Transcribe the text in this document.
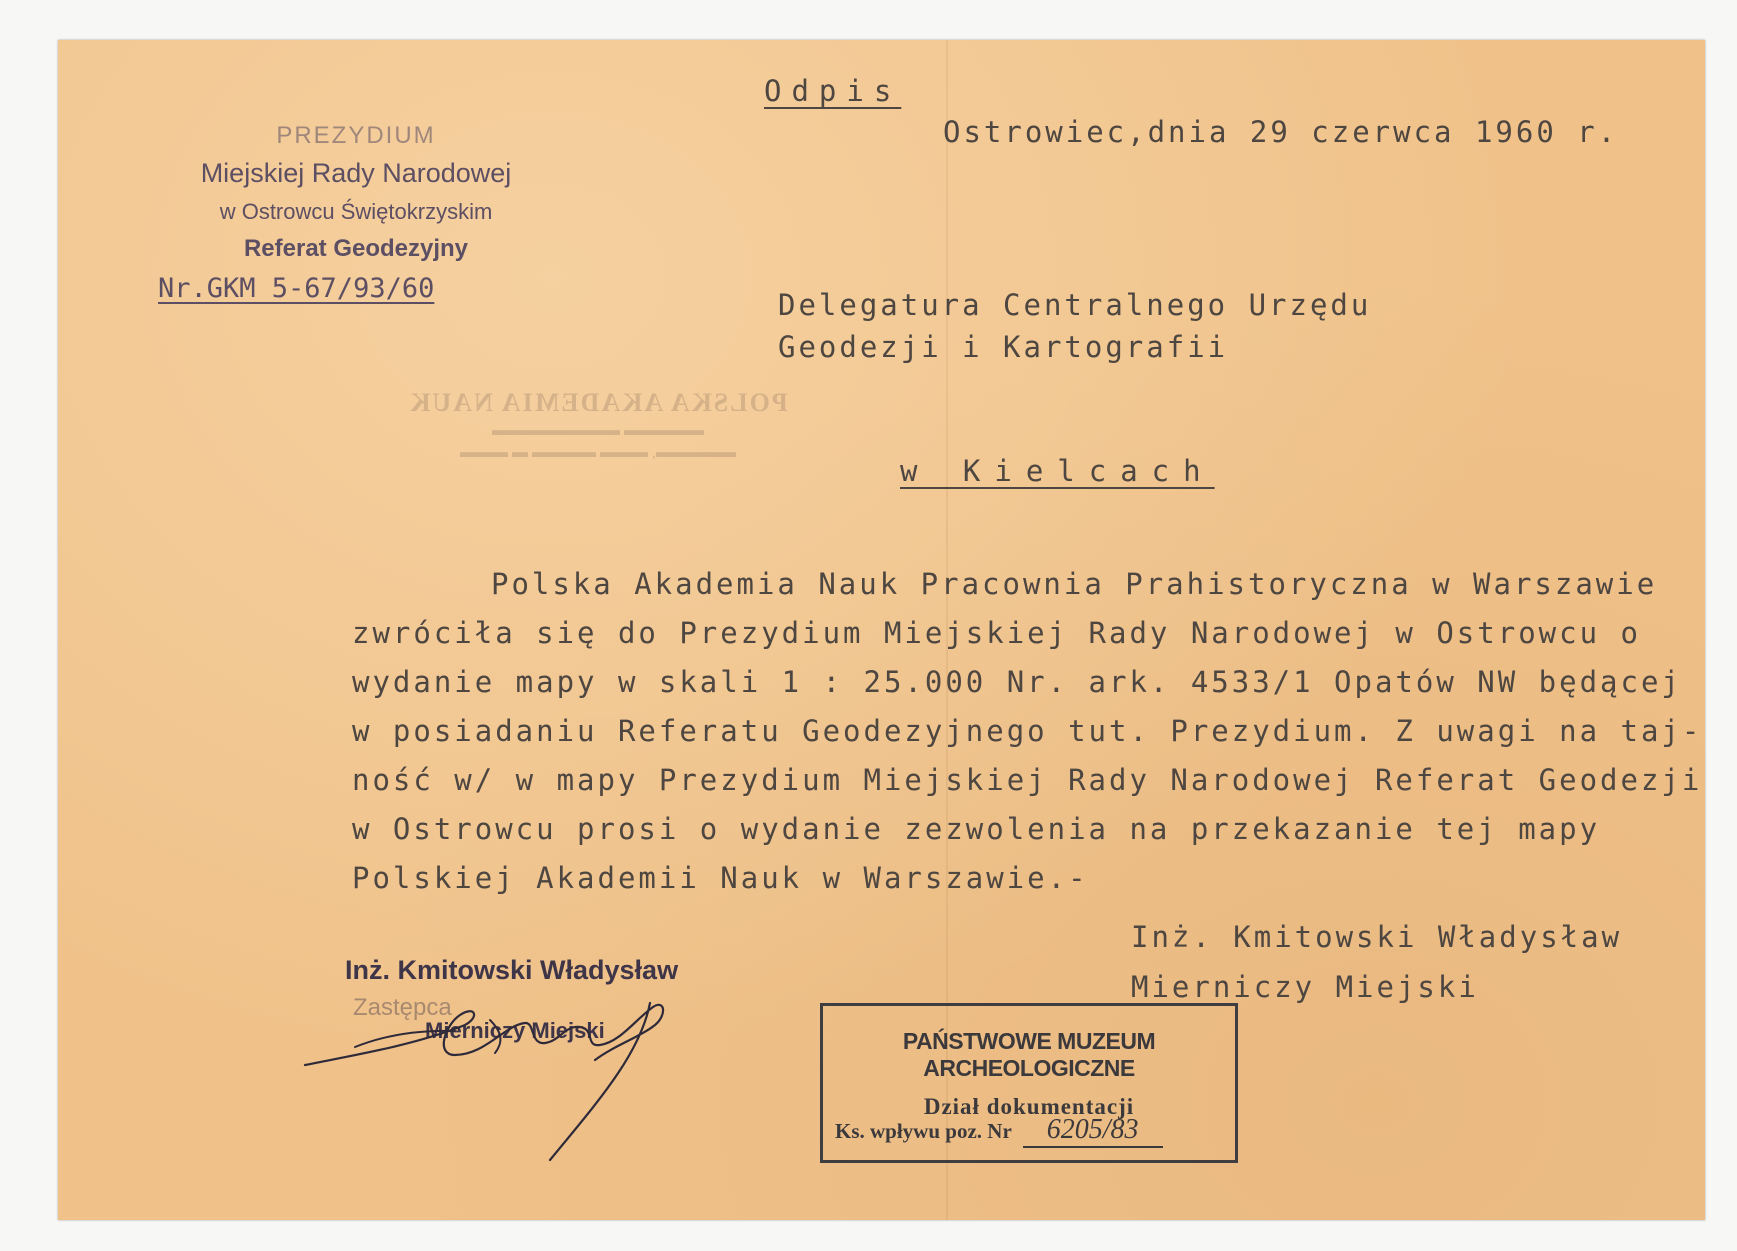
PREZYDIUM
Miejskiej Rady Narodowej
w Ostrowcu Świętokrzyskim
Referat Geodezyjny
Nr.GKM 5-67/93/60
POLSKA AKADEMIA NAUK
▬▬▬▬▬ ▬▬▬▬▬▬▬▬
▬▬▬▬▬, ▬▬▬ ▬▬▬▬ ▬ ▬▬▬
Odpis
Ostrowiec,dnia 29 czerwca 1960 r.
Delegatura Centralnego Urzędu
Geodezji i Kartografii
w Kielcach
Polska Akademia Nauk Pracownia Prahistoryczna w Warszawie
zwróciła się do Prezydium Miejskiej Rady Narodowej w Ostrowcu o
wydanie mapy w skali 1 : 25.000 Nr. ark. 4533/1 Opatów NW będącej
w posiadaniu Referatu Geodezyjnego tut. Prezydium. Z uwagi na taj-
ność w/ w mapy Prezydium Miejskiej Rady Narodowej Referat Geodezji
w Ostrowcu prosi o wydanie zezwolenia na przekazanie tej mapy
Polskiej Akademii Nauk w Warszawie.-
Inż. Kmitowski Władysław
Mierniczy Miejski
Inż. Kmitowski Władysław
Zastępca
Mierniczy Miejski	PAŃSTWOWE MUZEUM ARCHEOLOGICZNE
Dział dokumentacji
Ks. wpływu poz. Nr 6205/83
